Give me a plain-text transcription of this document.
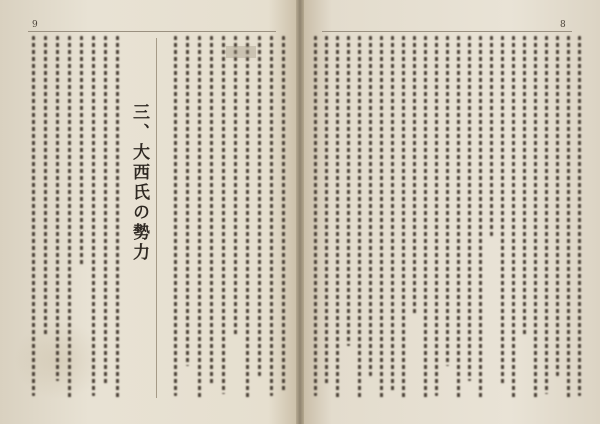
9	8
三、大西氏の勢力
